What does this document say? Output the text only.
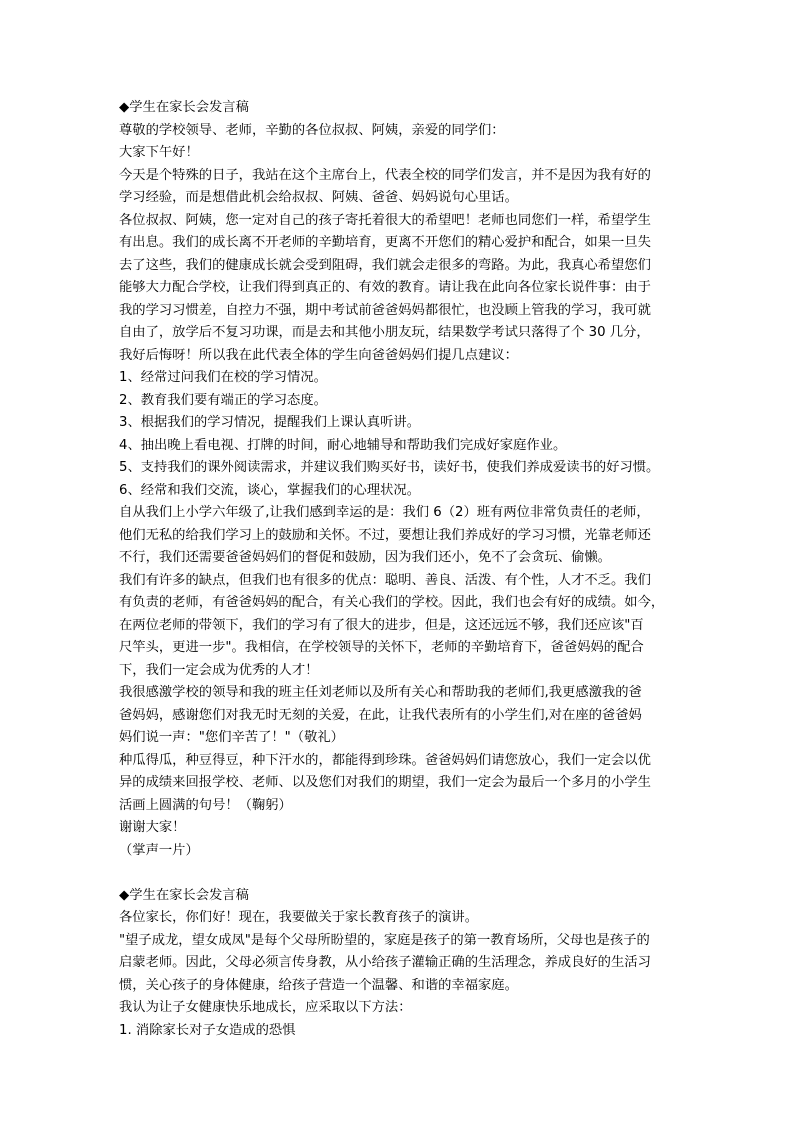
◆学生在家长会发言稿
尊敬的学校领导、老师，辛勤的各位叔叔、阿姨，亲爱的同学们：
大家下午好！
今天是个特殊的日子，我站在这个主席台上，代表全校的同学们发言，并不是因为我有好的
学习经验，而是想借此机会给叔叔、阿姨、爸爸、妈妈说句心里话。
各位叔叔、阿姨，您一定对自己的孩子寄托着很大的希望吧！老师也同您们一样，希望学生
有出息。我们的成长离不开老师的辛勤培育，更离不开您们的精心爱护和配合，如果一旦失
去了这些，我们的健康成长就会受到阻碍，我们就会走很多的弯路。为此，我真心希望您们
能够大力配合学校，让我们得到真正的、有效的教育。请让我在此向各位家长说件事：由于
我的学习习惯差，自控力不强，期中考试前爸爸妈妈都很忙，也没顾上管我的学习，我可就
自由了，放学后不复习功课，而是去和其他小朋友玩，结果数学考试只落得了个 30 几分，
我好后悔呀！所以我在此代表全体的学生向爸爸妈妈们提几点建议：
1、经常过问我们在校的学习情况。
2、教育我们要有端正的学习态度。
3、根据我们的学习情况，提醒我们上课认真听讲。
4、抽出晚上看电视、打牌的时间，耐心地辅导和帮助我们完成好家庭作业。
5、支持我们的课外阅读需求，并建议我们购买好书，读好书，使我们养成爱读书的好习惯。
6、经常和我们交流，谈心，掌握我们的心理状况。
自从我们上小学六年级了,让我们感到幸运的是：我们 6（2）班有两位非常负责任的老师，
他们无私的给我们学习上的鼓励和关怀。不过，要想让我们养成好的学习习惯，光靠老师还
不行，我们还需要爸爸妈妈们的督促和鼓励，因为我们还小，免不了会贪玩、偷懒。
我们有许多的缺点，但我们也有很多的优点：聪明、善良、活泼、有个性，人才不乏。我们
有负责的老师，有爸爸妈妈的配合，有关心我们的学校。因此，我们也会有好的成绩。如今，
在两位老师的带领下，我们的学习有了很大的进步，但是，这还远远不够，我们还应该"百
尺竿头，更进一步"。我相信，在学校领导的关怀下，老师的辛勤培育下，爸爸妈妈的配合
下，我们一定会成为优秀的人才！
我很感激学校的领导和我的班主任刘老师以及所有关心和帮助我的老师们,我更感激我的爸
爸妈妈，感谢您们对我无时无刻的关爱，在此，让我代表所有的小学生们,对在座的爸爸妈
妈们说一声："您们辛苦了！"（敬礼）
种瓜得瓜，种豆得豆，种下汗水的，都能得到珍珠。爸爸妈妈们请您放心，我们一定会以优
异的成绩来回报学校、老师、以及您们对我们的期望，我们一定会为最后一个多月的小学生
活画上圆满的句号！（鞠躬）
谢谢大家！
（掌声一片）
◆学生在家长会发言稿
各位家长，你们好！现在，我要做关于家长教育孩子的演讲。
"望子成龙，望女成凤"是每个父母所盼望的，家庭是孩子的第一教育场所，父母也是孩子的
启蒙老师。因此，父母必须言传身教，从小给孩子灌输正确的生活理念，养成良好的生活习
惯，关心孩子的身体健康，给孩子营造一个温馨、和谐的幸福家庭。
我认为让子女健康快乐地成长，应采取以下方法：
1. 消除家长对子女造成的恐惧
